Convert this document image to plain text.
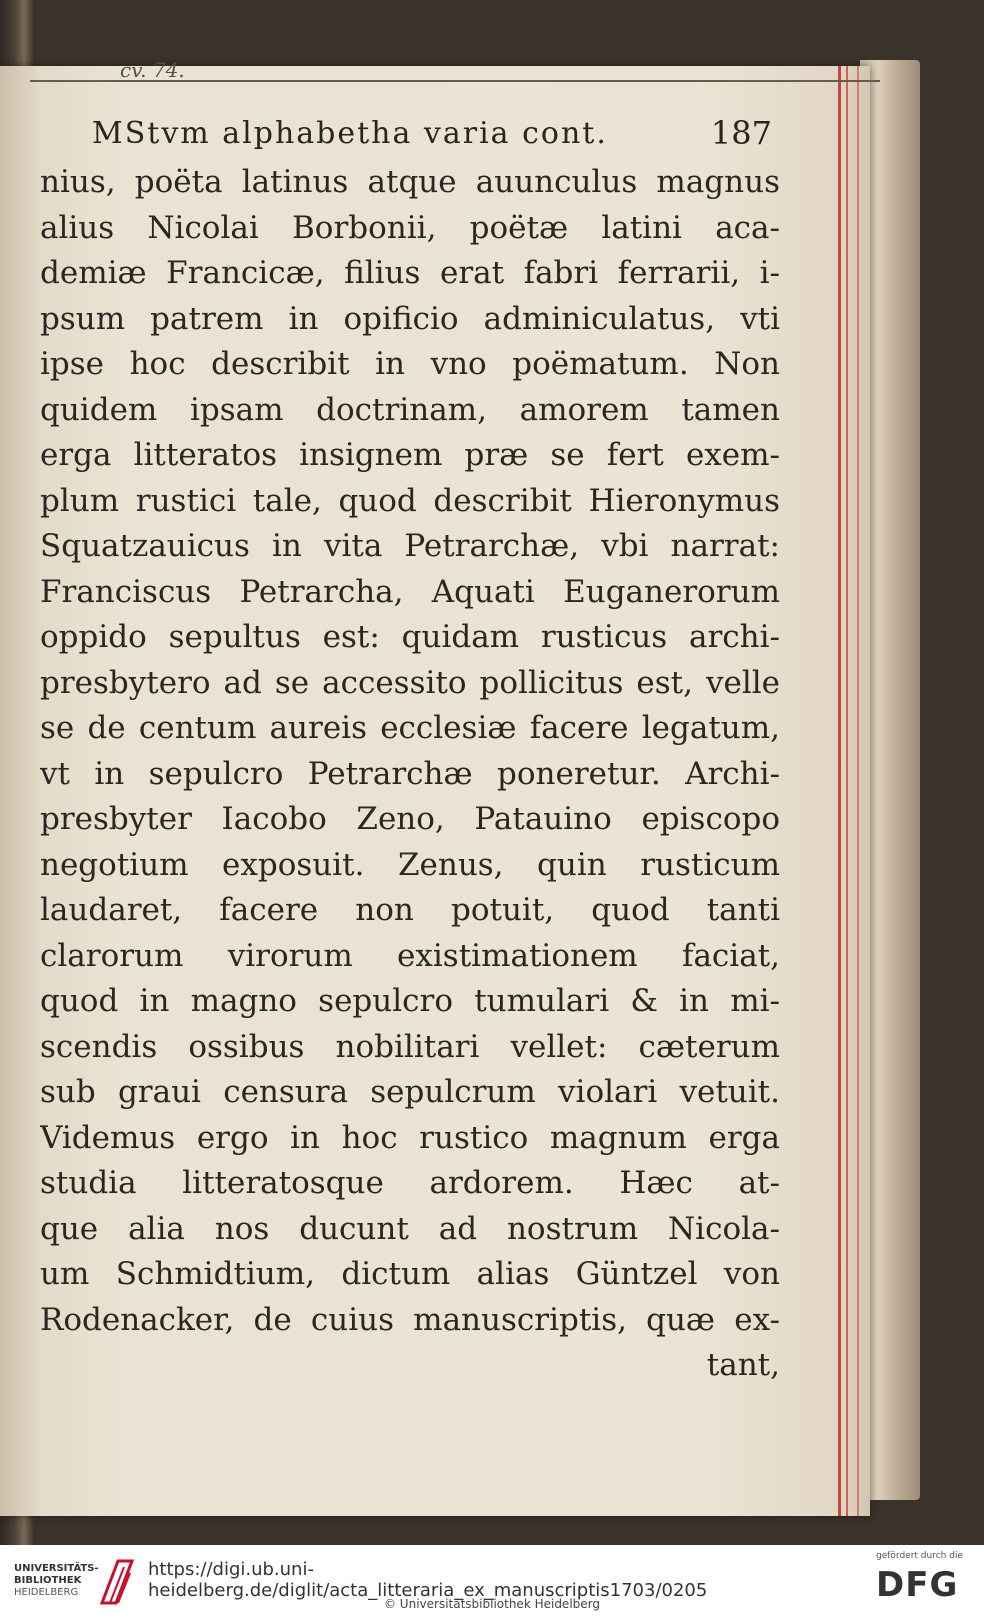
cv. 74.
MStvm alphabetha varia cont.	187
nius, poëta latinus atque auunculus magnus
alius Nicolai Borbonii, poëtæ latini aca-
demiæ Francicæ, filius erat fabri ferrarii, i-
psum patrem in opificio adminiculatus, vti
ipse hoc describit in vno poëmatum. Non
quidem ipsam doctrinam, amorem tamen
erga litteratos insignem præ se fert exem-
plum rustici tale, quod describit Hieronymus
Squatzauicus in vita Petrarchæ, vbi narrat:
Franciscus Petrarcha, Aquati Euganerorum
oppido sepultus est: quidam rusticus archi-
presbytero ad se accessito pollicitus est, velle
se de centum aureis ecclesiæ facere legatum,
vt in sepulcro Petrarchæ poneretur. Archi-
presbyter Iacobo Zeno, Patauino episcopo
negotium exposuit. Zenus, quin rusticum
laudaret, facere non potuit, quod tanti
clarorum virorum existimationem faciat,
quod in magno sepulcro tumulari & in mi-
scendis ossibus nobilitari vellet: cæterum
sub graui censura sepulcrum violari vetuit.
Videmus ergo in hoc rustico magnum erga
studia litteratosque ardorem. Hæc at-
que alia nos ducunt ad nostrum Nicola-
um Schmidtium, dictum alias Güntzel von
Rodenacker, de cuius manuscriptis, quæ ex-
tant,
UNIVERSITÄTS-
BIBLIOTHEK
HEIDELBERG
https://digi.ub.uni-heidelberg.de/diglit/acta_litteraria_ex_manuscriptis1703/0205
© Universitätsbibliothek Heidelberg
gefördert durch die
DFG
